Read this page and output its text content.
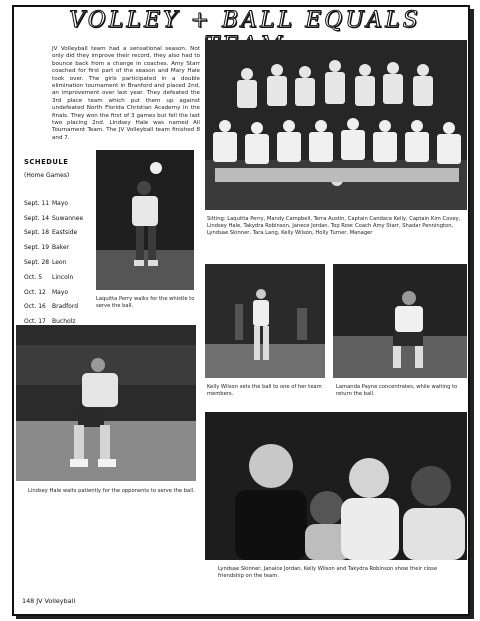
VOLLEY + BALL EQUALS
JV Volleyball team had a sensational season. Not only did they improve their record, they also had to bounce back from a change in coaches. Amy Starr coached for first part of the season and Mary Hale took over. The girls participated in a double elimination tournament in Branford and placed 2nd, an improvement over last year. They defeated the 3rd place team which put them up against undefeated North Florida Christian Academy in the finals. They won the first of 3 games but fell the last two placing 2nd. Lindsey Hale was named All Tournament Team. The JV Volleyball team finished 8 and 7.
Sitting: Laquitta Perry, Mandy Campbell, Terra Austin, Captain Candace Kelly, Captain Kim Covey, Lindsey Hale, Takydra Robinson, Janece Jordan. Top Row: Coach Amy Starr, Shadar Pennington, Lyndsae Skinner, Tara Lang, Kelly Wilson, Holly Turner, Manager
SCHEDULE
(Home Games)
Sept. 11 Mayo
Sept. 14 Suwannee
Sept. 18 Eastside
Sept. 19 Baker
Sept. 28 Leon
Oct. 5	Lincoln
Oct. 12	Mayo
Oct. 16	Bradford
Oct. 17	Bucholz
Laquitta Perry walks for the whistle to serve the ball.
Lindsey Hale waits patiently for the opponents to serve the ball.
Kelly Wilson sets the ball to one of her team members.
Lamanda Payne concentrates, while waiting to return the ball.
Lyndsae Skinner, Janaice Jordan, Kelly Wilson and Takydra Robinson show their close friendship on the team.
148 JV Volleyball
